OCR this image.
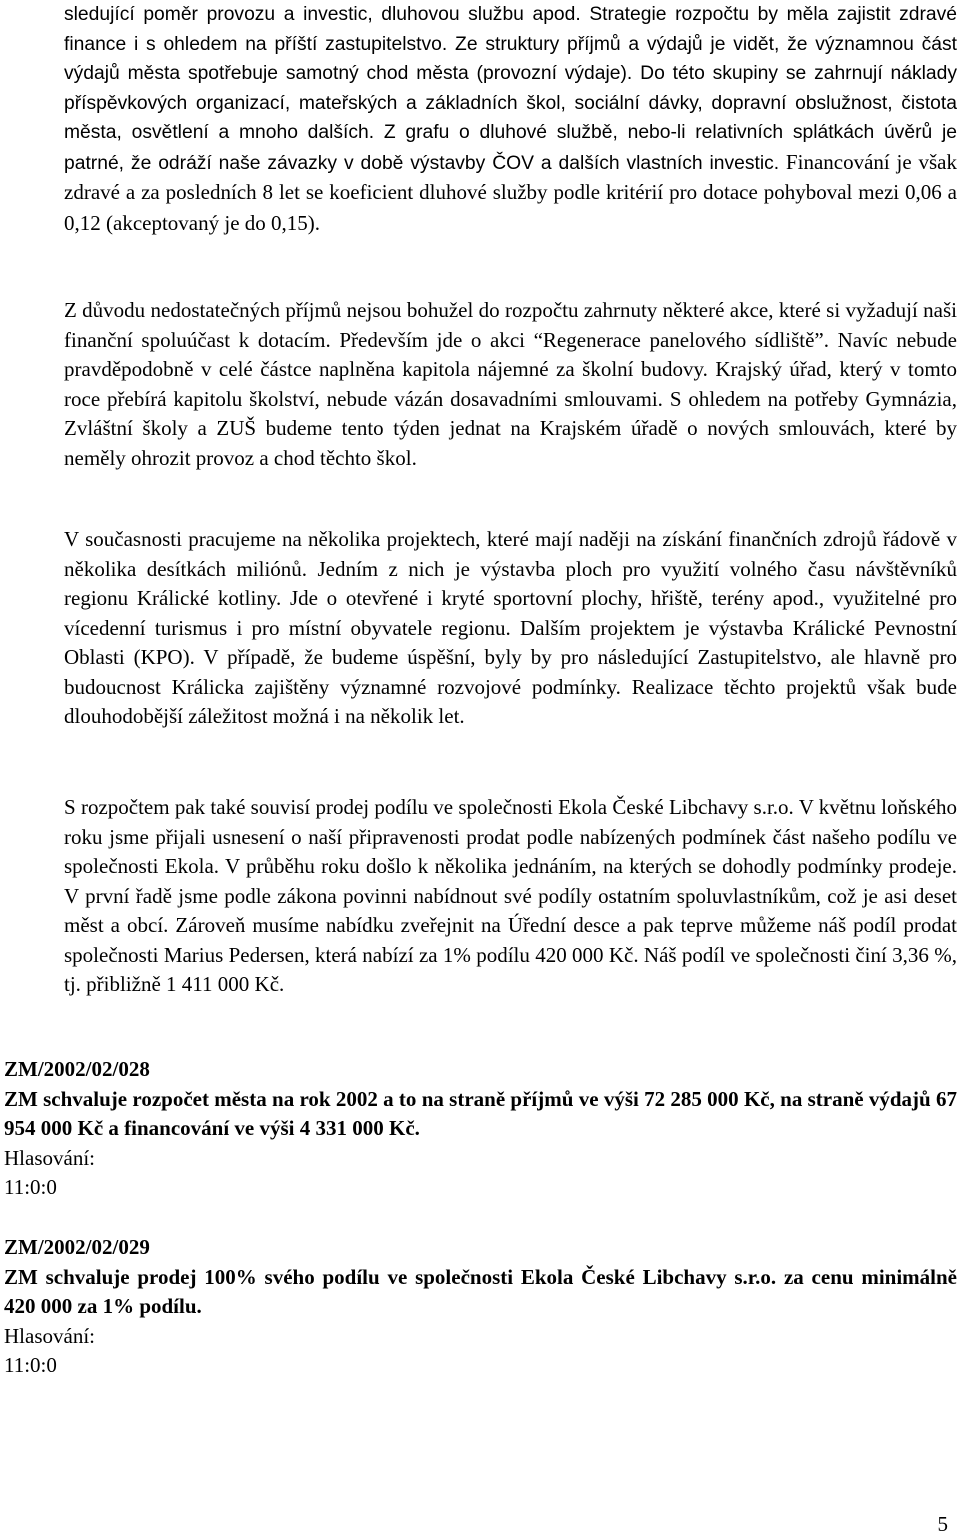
sledující poměr provozu a investic, dluhovou službu apod. Strategie rozpočtu by měla zajistit zdravé finance i s ohledem na příští zastupitelstvo. Ze struktury příjmů a výdajů je vidět, že významnou část výdajů města spotřebuje samotný chod města (provozní výdaje). Do této skupiny se zahrnují náklady příspěvkových organizací, mateřských a základních škol, sociální dávky, dopravní obslužnost, čistota města, osvětlení a mnoho dalších. Z grafu o dluhové službě, nebo-li relativních splátkách úvěrů je patrné, že odráží naše závazky v době výstavby ČOV a dalších vlastních investic. Financování je však zdravé a za posledních 8 let se koeficient dluhové služby podle kritérií pro dotace pohyboval mezi 0,06 a 0,12 (akceptovaný je do 0,15).

Z důvodu nedostatečných příjmů nejsou bohužel do rozpočtu zahrnuty některé akce, které si vyžadují naši finanční spoluúčast k dotacím. Především jde o akci “Regenerace panelového sídliště”. Navíc nebude pravděpodobně v celé částce naplněna kapitola nájemné za školní budovy. Krajský úřad, který v tomto roce přebírá kapitolu školství, nebude vázán dosavadními smlouvami. S ohledem na potřeby Gymnázia, Zvláštní školy a ZUŠ budeme tento týden jednat na Krajském úřadě o nových smlouvách, které by neměly ohrozit provoz a chod těchto škol.

V současnosti pracujeme na několika projektech, které mají naději na získání finančních zdrojů řádově v několika desítkách miliónů. Jedním z nich je výstavba ploch pro využití volného času návštěvníků regionu Králické kotliny. Jde o otevřené i kryté sportovní plochy, hřiště, terény apod., využitelné pro vícedenní turismus i pro místní obyvatele regionu. Dalším projektem je výstavba Králické Pevnostní Oblasti (KPO). V případě, že budeme úspěšní, byly by pro následující Zastupitelstvo, ale hlavně pro budoucnost Králicka zajištěny významné rozvojové podmínky. Realizace těchto projektů však bude dlouhodobější záležitost možná i na několik let.

S rozpočtem pak také souvisí prodej podílu ve společnosti Ekola České Libchavy s.r.o. V květnu loňského roku jsme přijali usnesení o naší připravenosti prodat podle nabízených podmínek část našeho podílu ve společnosti Ekola. V průběhu roku došlo k několika jednáním, na kterých se dohodly podmínky prodeje. V první řadě jsme podle zákona povinni nabídnout své podíly ostatním spoluvlastníkům, což je asi deset měst a obcí. Zároveň musíme nabídku zveřejnit na Úřední desce a pak teprve můžeme náš podíl prodat společnosti Marius Pedersen, která nabízí za 1% podílu 420 000 Kč. Náš podíl ve společnosti činí 3,36 %, tj. přibližně 1 411 000 Kč.

ZM/2002/02/028
ZM schvaluje rozpočet města na rok 2002 a to na straně příjmů ve výši 72 285 000 Kč, na straně výdajů 67 954 000 Kč a financování ve výši 4 331 000 Kč.
Hlasování:
11:0:0
ZM/2002/02/029
ZM schvaluje prodej 100% svého podílu ve společnosti Ekola České Libchavy s.r.o. za cenu minimálně 420 000 za 1% podílu.
Hlasování:
11:0:0
5
